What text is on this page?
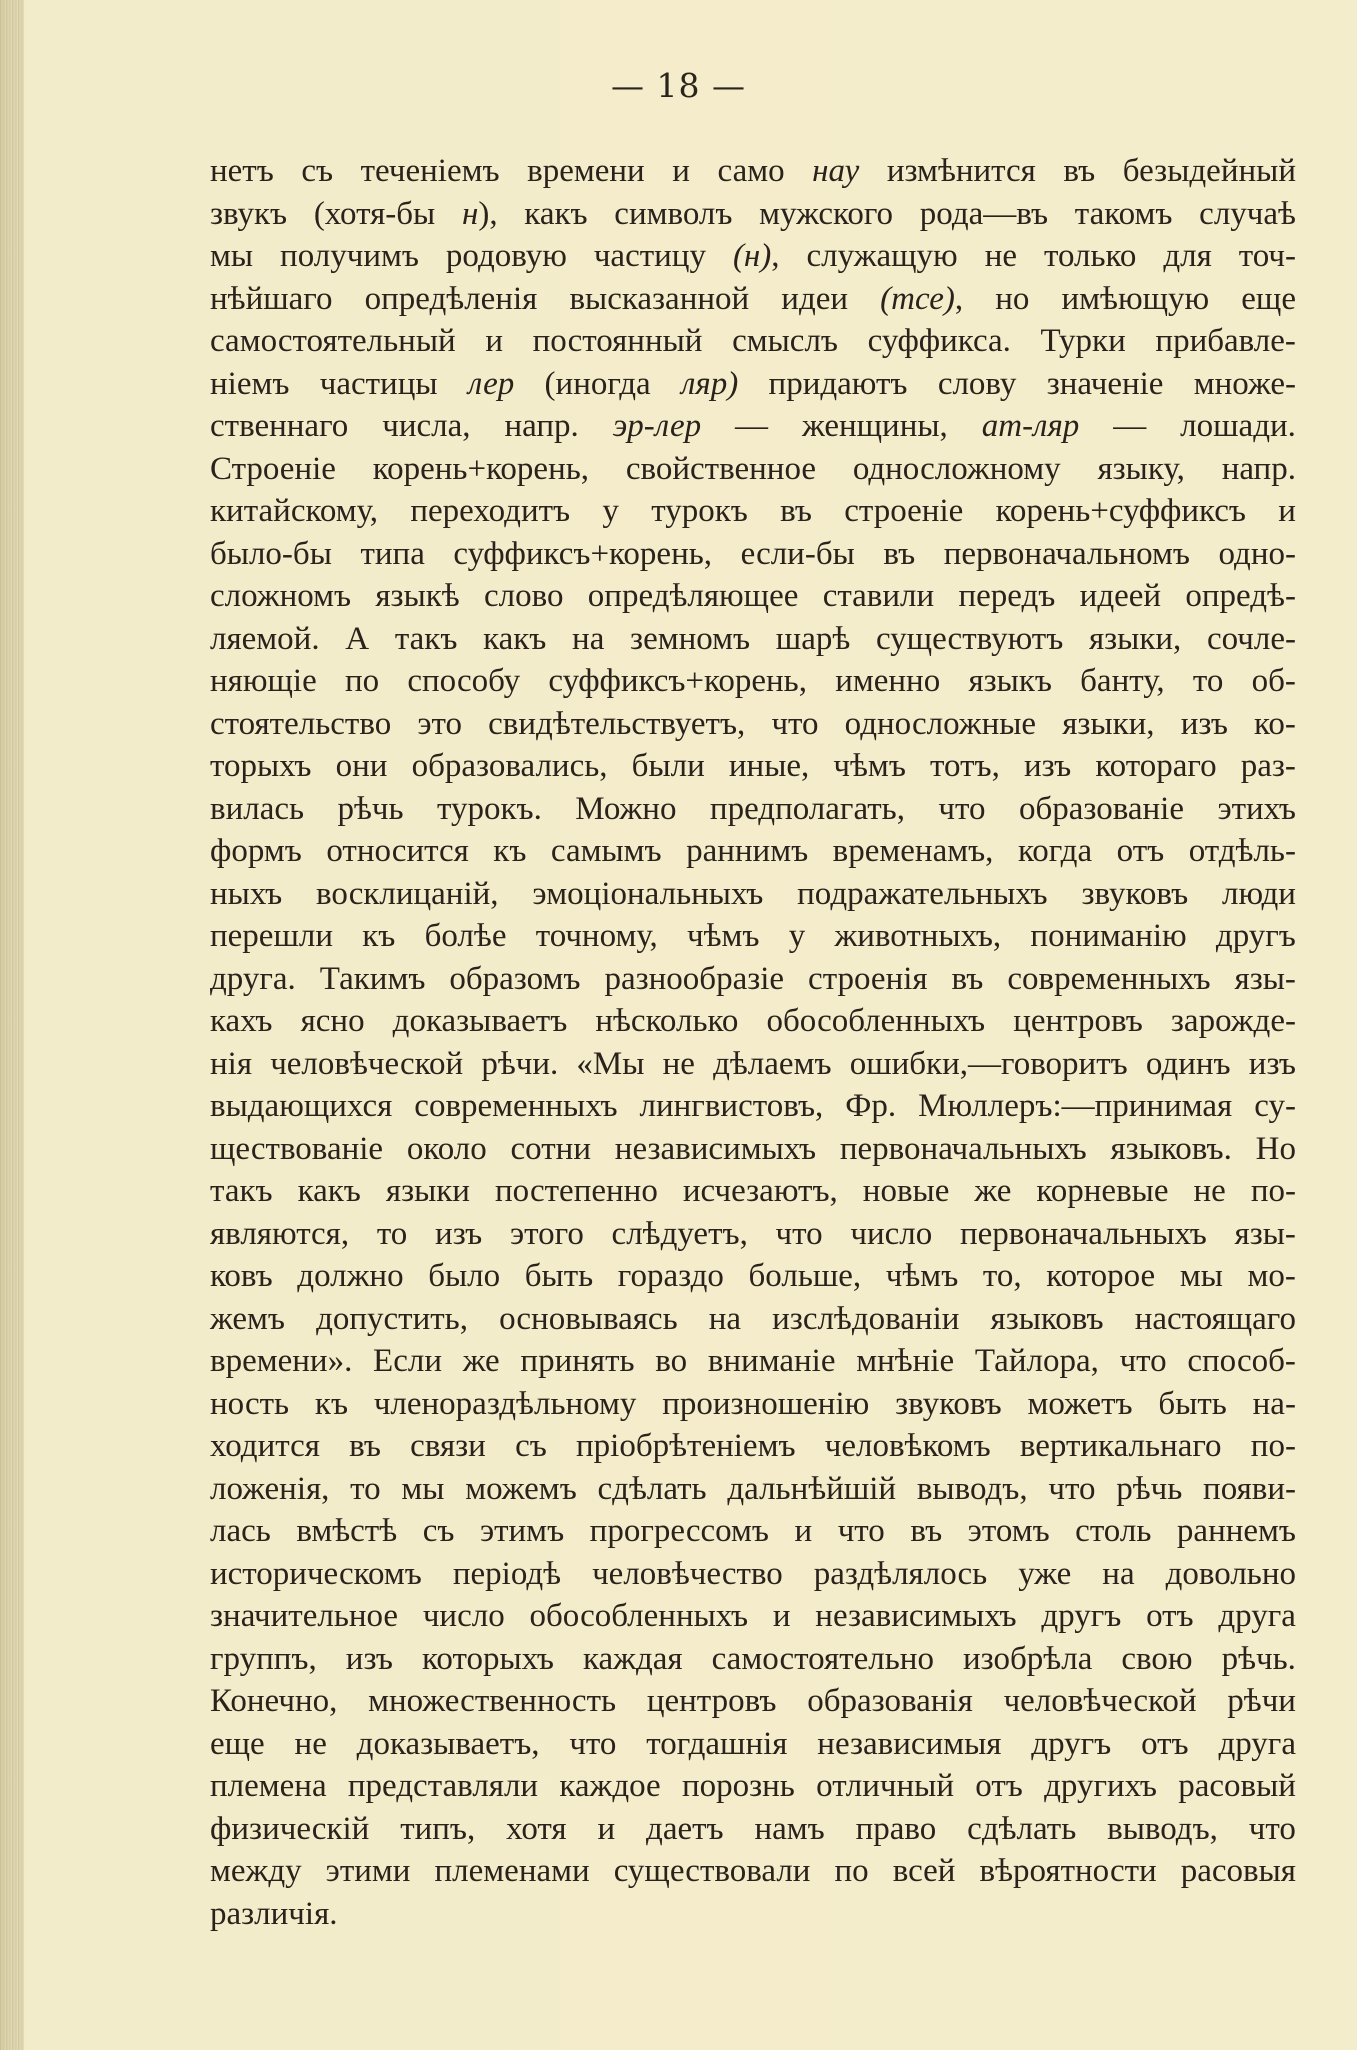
— 18 —
нетъ съ теченіемъ времени и само нау измѣнится въ безыдейный
звукъ (хотя-бы н), какъ символъ мужского рода—въ такомъ случаѣ
мы получимъ родовую частицу (н), служащую не только для точ-
нѣйшаго опредѣленія высказанной идеи (тсе), но имѣющую еще
самостоятельный и постоянный смыслъ суффикса. Турки прибавле-
ніемъ частицы лер (иногда ляр) придаютъ слову значеніе множе-
ственнаго числа, напр. эр-лер — женщины, ат-ляр — лошади.
Строеніе корень+корень, свойственное односложному языку, напр.
китайскому, переходитъ у турокъ въ строеніе корень+суффиксъ и
было-бы типа суффиксъ+корень, если-бы въ первоначальномъ одно-
сложномъ языкѣ слово опредѣляющее ставили передъ идеей опредѣ-
ляемой. А такъ какъ на земномъ шарѣ существуютъ языки, сочле-
няющіе по способу суффиксъ+корень, именно языкъ банту, то об-
стоятельство это свидѣтельствуетъ, что односложные языки, изъ ко-
торыхъ они образовались, были иные, чѣмъ тотъ, изъ котораго раз-
вилась рѣчь турокъ. Можно предполагать, что образованіе этихъ
формъ относится къ самымъ раннимъ временамъ, когда отъ отдѣль-
ныхъ восклицаній, эмоціональныхъ подражательныхъ звуковъ люди
перешли къ болѣе точному, чѣмъ у животныхъ, пониманію другъ
друга. Такимъ образомъ разнообразіе строенія въ современныхъ язы-
кахъ ясно доказываетъ нѣсколько обособленныхъ центровъ зарожде-
нія человѣческой рѣчи. «Мы не дѣлаемъ ошибки,—говоритъ одинъ изъ
выдающихся современныхъ лингвистовъ, Фр. Мюллеръ:—принимая су-
ществованіе около сотни независимыхъ первоначальныхъ языковъ. Но
такъ какъ языки постепенно исчезаютъ, новые же корневые не по-
являются, то изъ этого слѣдуетъ, что число первоначальныхъ язы-
ковъ должно было быть гораздо больше, чѣмъ то, которое мы мо-
жемъ допустить, основываясь на изслѣдованіи языковъ настоящаго
времени». Если же принять во вниманіе мнѣніе Тайлора, что способ-
ность къ членораздѣльному произношенію звуковъ можетъ быть на-
ходится въ связи съ пріобрѣтеніемъ человѣкомъ вертикальнаго по-
ложенія, то мы можемъ сдѣлать дальнѣйшій выводъ, что рѣчь появи-
лась вмѣстѣ съ этимъ прогрессомъ и что въ этомъ столь раннемъ
историческомъ періодѣ человѣчество раздѣлялось уже на довольно
значительное число обособленныхъ и независимыхъ другъ отъ друга
группъ, изъ которыхъ каждая самостоятельно изобрѣла свою рѣчь.
Конечно, множественность центровъ образованія человѣческой рѣчи
еще не доказываетъ, что тогдашнія независимыя другъ отъ друга
племена представляли каждое порознь отличный отъ другихъ расовый
физическій типъ, хотя и даетъ намъ право сдѣлать выводъ, что
между этими племенами существовали по всей вѣроятности расовыя
различія.
